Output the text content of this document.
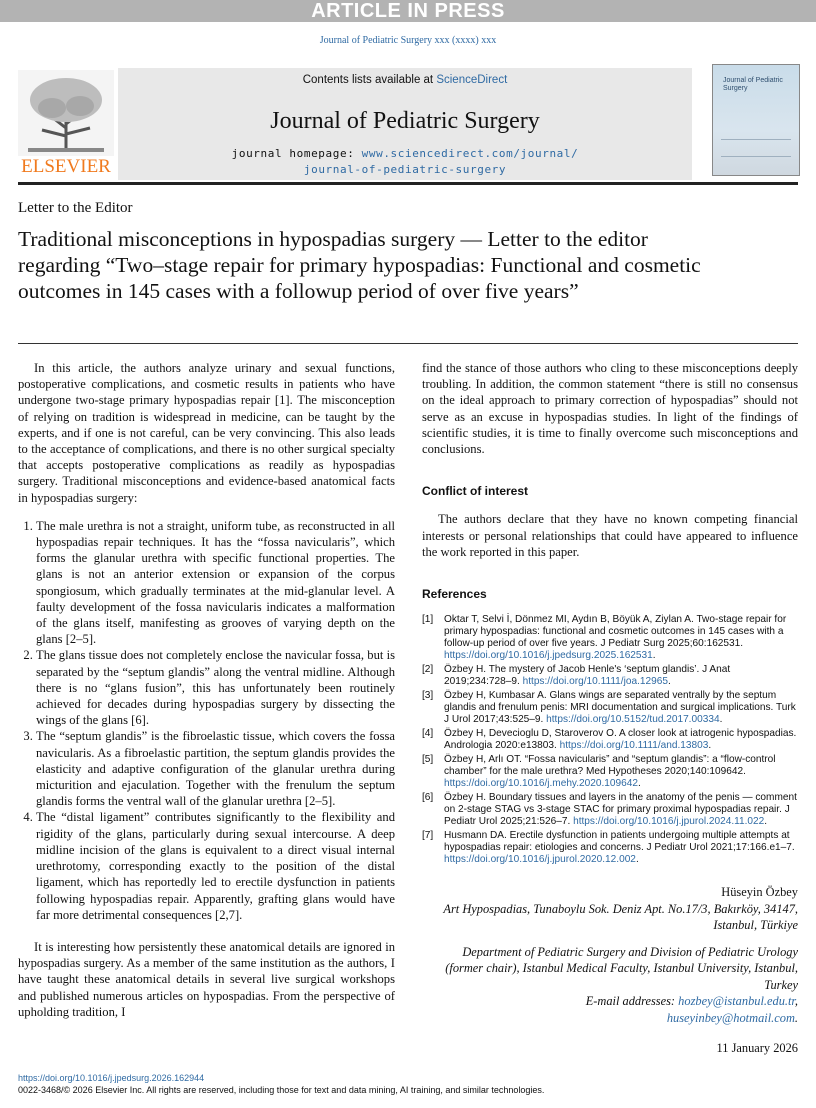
ARTICLE IN PRESS
Journal of Pediatric Surgery xxx (xxxx) xxx
ELSEVIER
Contents lists available at ScienceDirect
Journal of Pediatric Surgery
journal homepage: www.sciencedirect.com/journal/
journal-of-pediatric-surgery
Journal of Pediatric Surgery
Letter to the Editor
Traditional misconceptions in hypospadias surgery — Letter to the editor regarding “Two–stage repair for primary hypospadias: Functional and cosmetic outcomes in 145 cases with a followup period of over five years”

In this article, the authors analyze urinary and sexual functions, postoperative complications, and cosmetic results in patients who have undergone two-stage primary hypospadias repair [1]. The misconception of relying on tradition is widespread in medicine, can be taught by the experts, and if one is not careful, can be very convincing. This also leads to the acceptance of complications, and there is no other surgical specialty that accepts postoperative complications as readily as hypospadias surgery. Traditional misconceptions and evidence-based anatomical facts in hypospadias surgery:

1. The male urethra is not a straight, uniform tube, as reconstructed in all hypospadias repair techniques. It has the “fossa navicularis”, which forms the glanular urethra with specific functional properties. The glans is not an anterior extension or expansion of the corpus spongiosum, which gradually terminates at the mid-glanular level. A faulty development of the fossa navicularis indicates a malformation of the glans itself, manifesting as grooves of varying depth on the glans [2–5].
2. The glans tissue does not completely enclose the navicular fossa, but is separated by the “septum glandis” along the ventral midline. Although there is no “glans fusion”, this has unfortunately been routinely achieved for decades during hypospadias surgery by dissecting the wings of the glans [6].
3. The “septum glandis” is the fibroelastic tissue, which covers the fossa navicularis. As a fibroelastic partition, the septum glandis provides the elasticity and adaptive configuration of the glanular urethra during micturition and ejaculation. Together with the frenulum the septum glandis forms the ventral wall of the glanular urethra [2–5].
4. The “distal ligament” contributes significantly to the flexibility and rigidity of the glans, particularly during sexual intercourse. A deep midline incision of the glans is equivalent to a direct visual internal urethrotomy, corresponding exactly to the position of the distal ligament, which has reportedly led to erectile dysfunction in patients following hypospadias repair. Apparently, grafting glans would have far more detrimental consequences [2,7].

It is interesting how persistently these anatomical details are ignored in hypospadias surgery. As a member of the same institution as the authors, I have taught these anatomical details in several live surgical workshops and published numerous articles on hypospadias. From the perspective of upholding tradition, I

find the stance of those authors who cling to these misconceptions deeply troubling. In addition, the common statement “there is still no consensus on the ideal approach to primary correction of hypospadias” should not serve as an excuse in hypospadias studies. In light of the findings of scientific studies, it is time to finally overcome such misconceptions and conclusions.

Conflict of interest

The authors declare that they have no known competing financial interests or personal relationships that could have appeared to influence the work reported in this paper.

References

[1] Oktar T, Selvi İ, Dönmez MI, Aydın B, Böyük A, Ziylan A. Two-stage repair for primary hypospadias: functional and cosmetic outcomes in 145 cases with a follow-up period of over five years. J Pediatr Surg 2025;60:162531. https://doi.org/10.1016/j.jpedsurg.2025.162531.
[2] Özbey H. The mystery of Jacob Henle's ‘septum glandis’. J Anat 2019;234:728–9. https://doi.org/10.1111/joa.12965.
[3] Özbey H, Kumbasar A. Glans wings are separated ventrally by the septum glandis and frenulum penis: MRI documentation and surgical implications. Turk J Urol 2017;43:525–9. https://doi.org/10.5152/tud.2017.00334.
[4] Özbey H, Devecioglu D, Staroverov O. A closer look at iatrogenic hypospadias. Andrologia 2020:e13803. https://doi.org/10.1111/and.13803.
[5] Özbey H, Arlı OT. “Fossa navicularis” and “septum glandis”: a “flow-control chamber” for the male urethra? Med Hypotheses 2020;140:109642. https://doi.org/10.1016/j.mehy.2020.109642.
[6] Özbey H. Boundary tissues and layers in the anatomy of the penis — comment on 2-stage STAG vs 3-stage STAC for primary proximal hypospadias repair. J Pediatr Urol 2025;21:526–7. https://doi.org/10.1016/j.jpurol.2024.11.022.
[7] Husmann DA. Erectile dysfunction in patients undergoing multiple attempts at hypospadias repair: etiologies and concerns. J Pediatr Urol 2021;17:166.e1–7. https://doi.org/10.1016/j.jpurol.2020.12.002.
Hüseyin Özbey
Art Hypospadias, Tunaboylu Sok. Deniz Apt. No.17/3, Bakırköy, 34147,
Istanbul, Türkiye
Department of Pediatric Surgery and Division of Pediatric Urology
(former chair), Istanbul Medical Faculty, Istanbul University, Istanbul,
Turkey
E-mail addresses: hozbey@istanbul.edu.tr,
huseyinbey@hotmail.com.
11 January 2026
https://doi.org/10.1016/j.jpedsurg.2026.162944
0022-3468/© 2026 Elsevier Inc. All rights are reserved, including those for text and data mining, AI training, and similar technologies.
